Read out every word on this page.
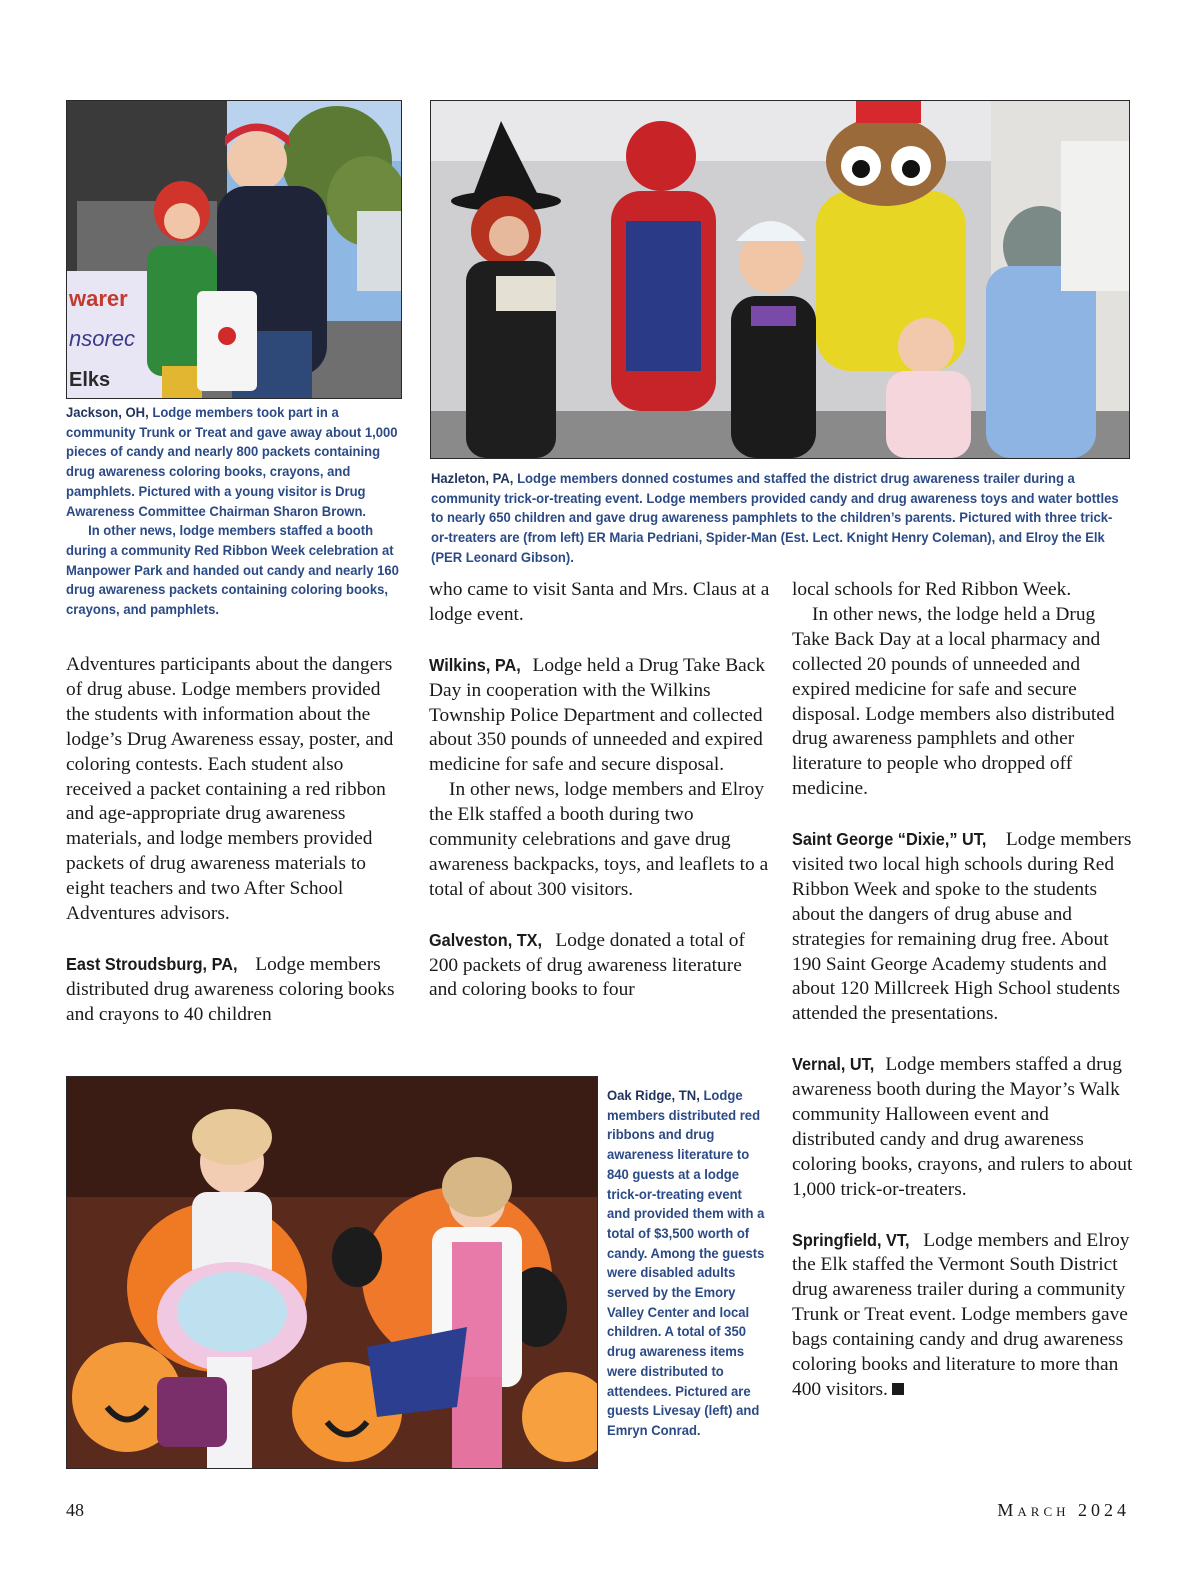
warer
nsorec
Elks

Jackson, OH, Lodge members took part in a community Trunk or Treat and gave away about 1,000 pieces of candy and nearly 800 packets containing drug awareness coloring books, crayons, and pamphlets. Pictured with a young visitor is Drug Awareness Committee Chairman Sharon Brown.

In other news, lodge members staffed a booth during a community Red Ribbon Week celebration at Manpower Park and handed out candy and nearly 160 drug awareness packets containing coloring books, crayons, and pamphlets.

Hazleton, PA, Lodge members donned costumes and staffed the district drug awareness trailer during a community trick-or-treating event. Lodge members provided candy and drug awareness toys and water bottles to nearly 650 children and gave drug awareness pamphlets to the children’s parents. Pictured with three trick-or-treaters are (from left) ER Maria Pedriani, Spider-Man (Est. Lect. Knight Henry Coleman), and Elroy the Elk (PER Leonard Gibson).

Adventures participants about the dangers of drug abuse. Lodge members provided the students with information about the lodge’s Drug Awareness essay, poster, and coloring contests. Each student also received a packet containing a red ribbon and age-appropriate drug awareness materials, and lodge members provided packets of drug awareness materials to eight teachers and two After School Adventures advisors.

East Stroudsburg, PA, Lodge members distributed drug awareness coloring books and crayons to 40 children

who came to visit Santa and Mrs. Claus at a lodge event.

Wilkins, PA, Lodge held a Drug Take Back Day in cooperation with the Wilkins Township Police Department and collected about 350 pounds of unneeded and expired medicine for safe and secure disposal.

In other news, lodge members and Elroy the Elk staffed a booth during two community celebrations and gave drug awareness backpacks, toys, and leaflets to a total of about 300 visitors.

Galveston, TX, Lodge donated a total of 200 packets of drug awareness literature and coloring books to four

local schools for Red Ribbon Week.

In other news, the lodge held a Drug Take Back Day at a local pharmacy and collected 20 pounds of unneeded and expired medicine for safe and secure disposal. Lodge members also distributed drug awareness pamphlets and other literature to people who dropped off medicine.

Saint George “Dixie,” UT, Lodge members visited two local high schools during Red Ribbon Week and spoke to the students about the dangers of drug abuse and strategies for remaining drug free. About 190 Saint George Academy students and about 120 Millcreek High School students attended the presentations.

Vernal, UT, Lodge members staffed a drug awareness booth during the Mayor’s Walk community Halloween event and distributed candy and drug awareness coloring books, crayons, and rulers to about 1,000 trick-or-treaters.

Springfield, VT, Lodge members and Elroy the Elk staffed the Vermont South District drug awareness trailer during a community Trunk or Treat event. Lodge members gave bags containing candy and drug awareness coloring books and literature to more than 400 visitors.

Oak Ridge, TN, Lodge members distributed red ribbons and drug awareness literature to 840 guests at a lodge trick-or-treating event and provided them with a total of $3,500 worth of candy. Among the guests were disabled adults served by the Emory Valley Center and local children. A total of 350 drug awareness items were distributed to attendees. Pictured are guests Livesay (left) and Emryn Conrad.

48	March 2024
